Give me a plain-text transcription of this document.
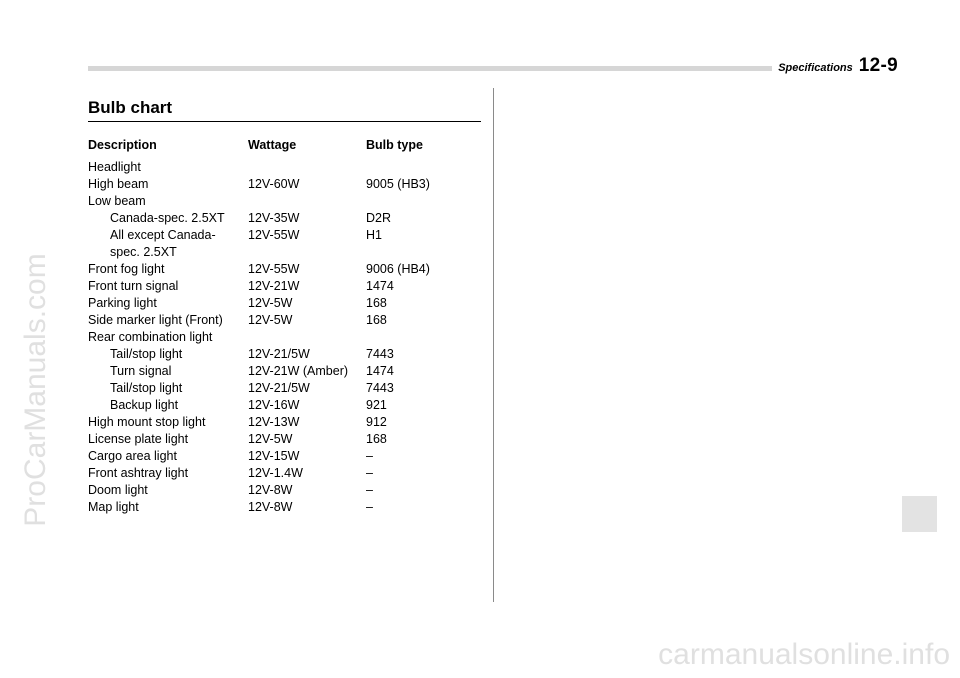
Specifications 12-9
ProCarManuals.com
carmanualsonline.info
Bulb chart
Description	Wattage	Bulb type
Headlight
High beam	12V-60W	9005 (HB3)
Low beam
Canada-spec. 2.5XT	12V-35W	D2R
All except Canada-	12V-55W	H1
spec. 2.5XT
Front fog light	12V-55W	9006 (HB4)
Front turn signal	12V-21W	1474
Parking light	12V-5W	168
Side marker light (Front)	12V-5W	168
Rear combination light
Tail/stop light	12V-21/5W	7443
Turn signal	12V-21W (Amber)	1474
Tail/stop light	12V-21/5W	7443
Backup light	12V-16W	921
High mount stop light	12V-13W	912
License plate light	12V-5W	168
Cargo area light	12V-15W	–
Front ashtray light	12V-1.4W	–
Doom light	12V-8W	–
Map light	12V-8W	–
